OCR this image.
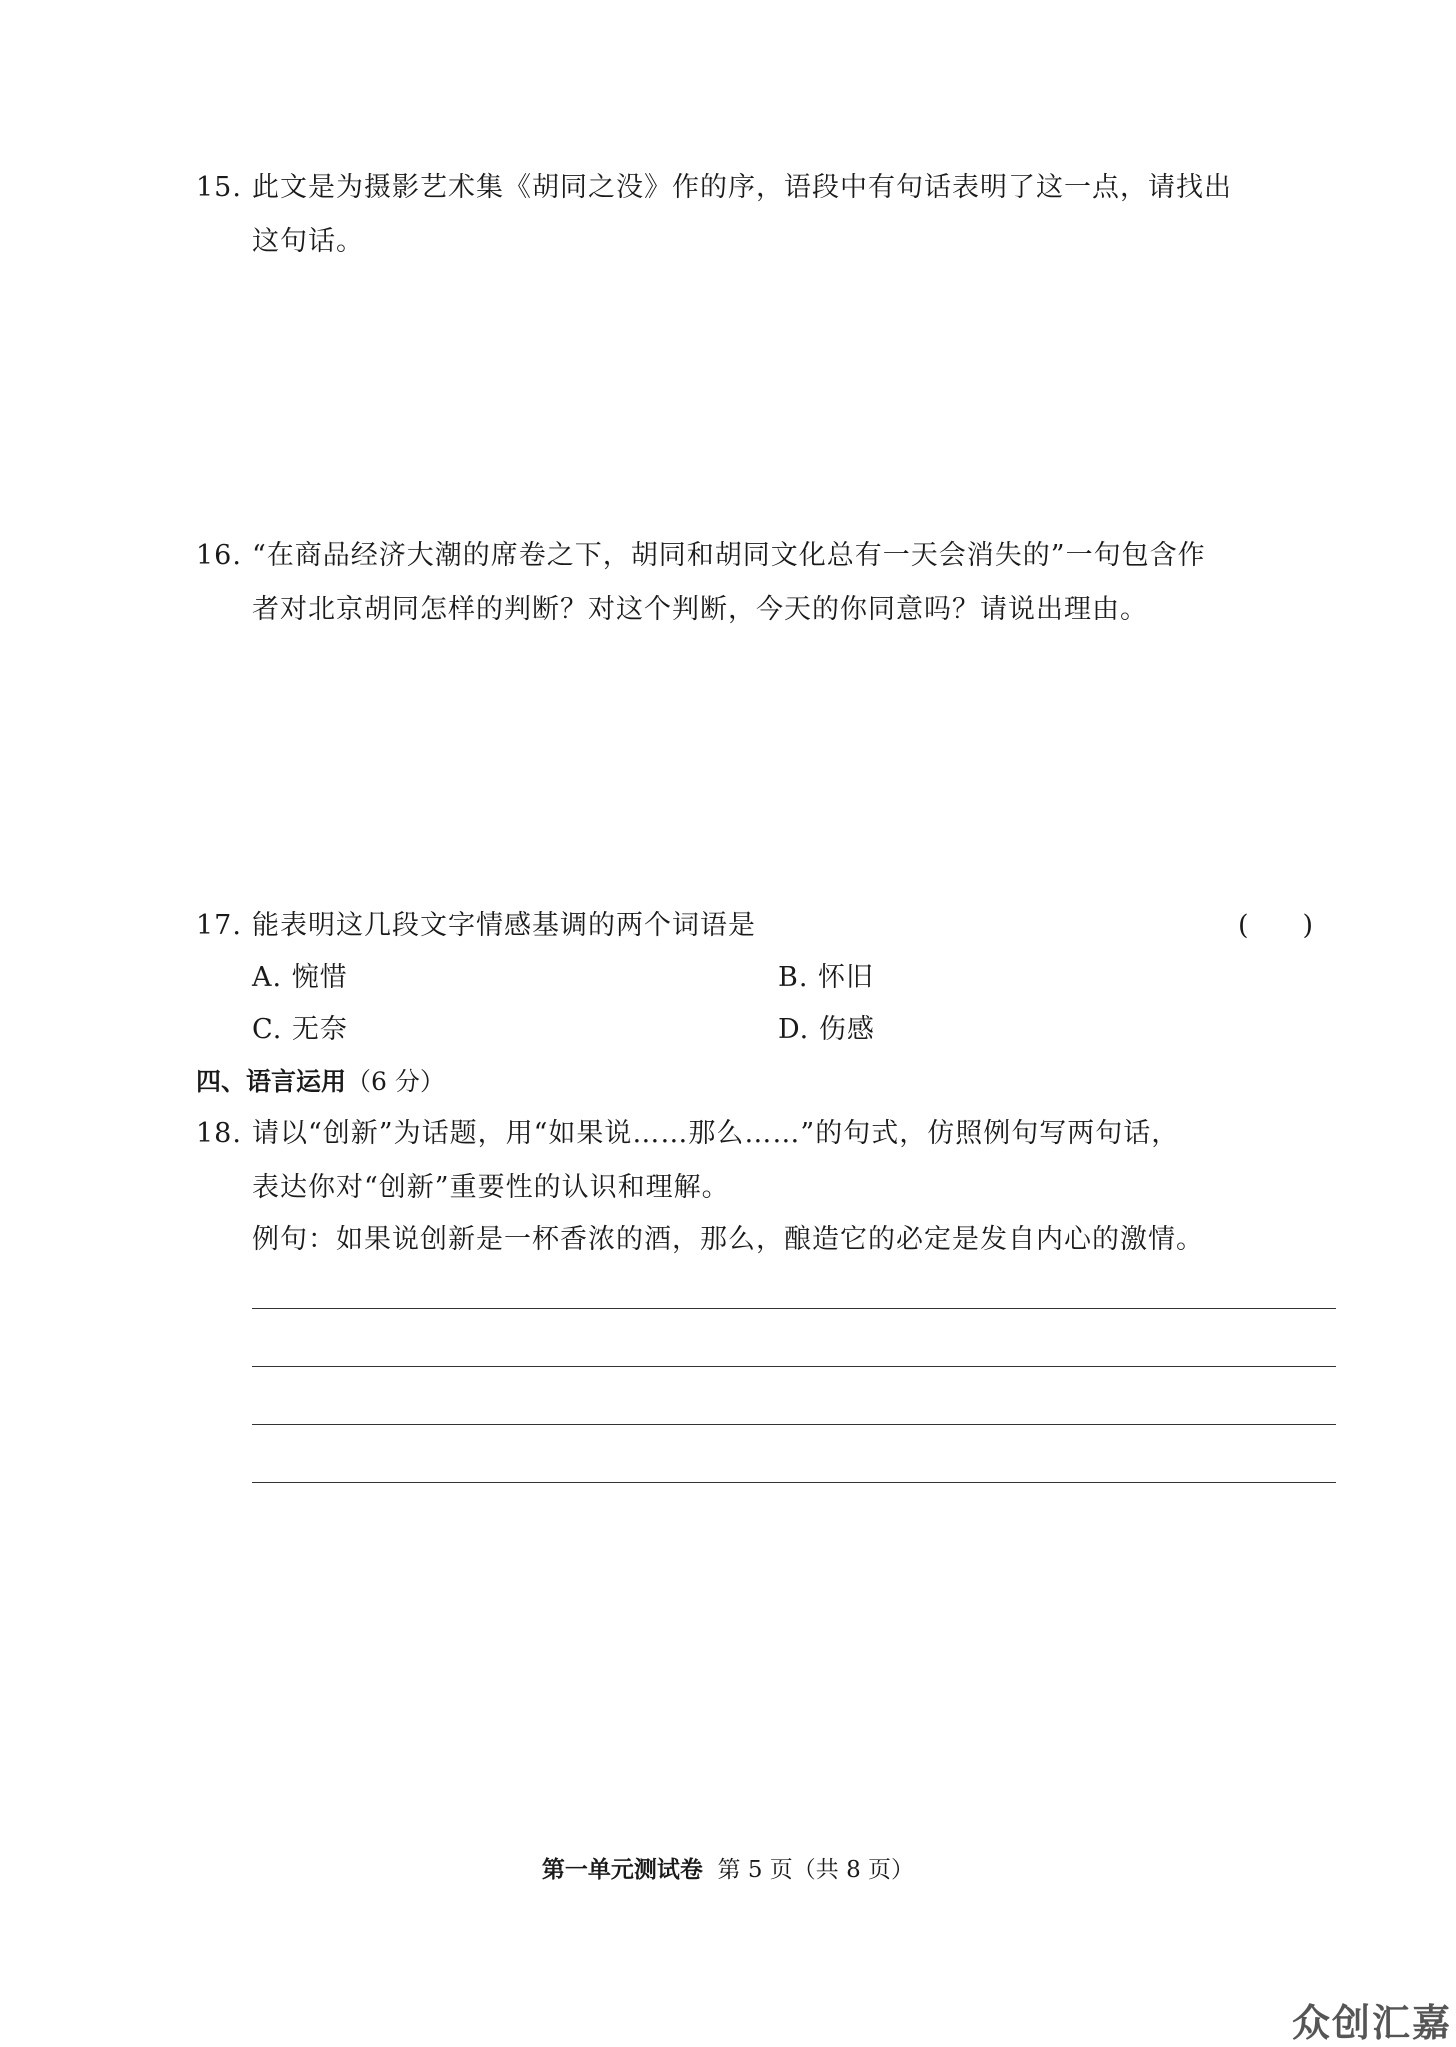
15. 此文是为摄影艺术集《胡同之没》作的序，语段中有句话表明了这一点，请找出
这句话。
16. “在商品经济大潮的席卷之下，胡同和胡同文化总有一天会消失的”一句包含作
者对北京胡同怎样的判断？对这个判断，今天的你同意吗？请说出理由。
17. 能表明这几段文字情感基调的两个词语是	(　　)
A. 惋惜	B. 怀旧
C. 无奈	D. 伤感
四、语言运用（6 分）
18. 请以“创新”为话题，用“如果说……那么……”的句式，仿照例句写两句话，
表达你对“创新”重要性的认识和理解。
例句：如果说创新是一杯香浓的酒，那么，酿造它的必定是发自内心的激情。
第一单元测试卷 第 5 页（共 8 页）
众创汇嘉
